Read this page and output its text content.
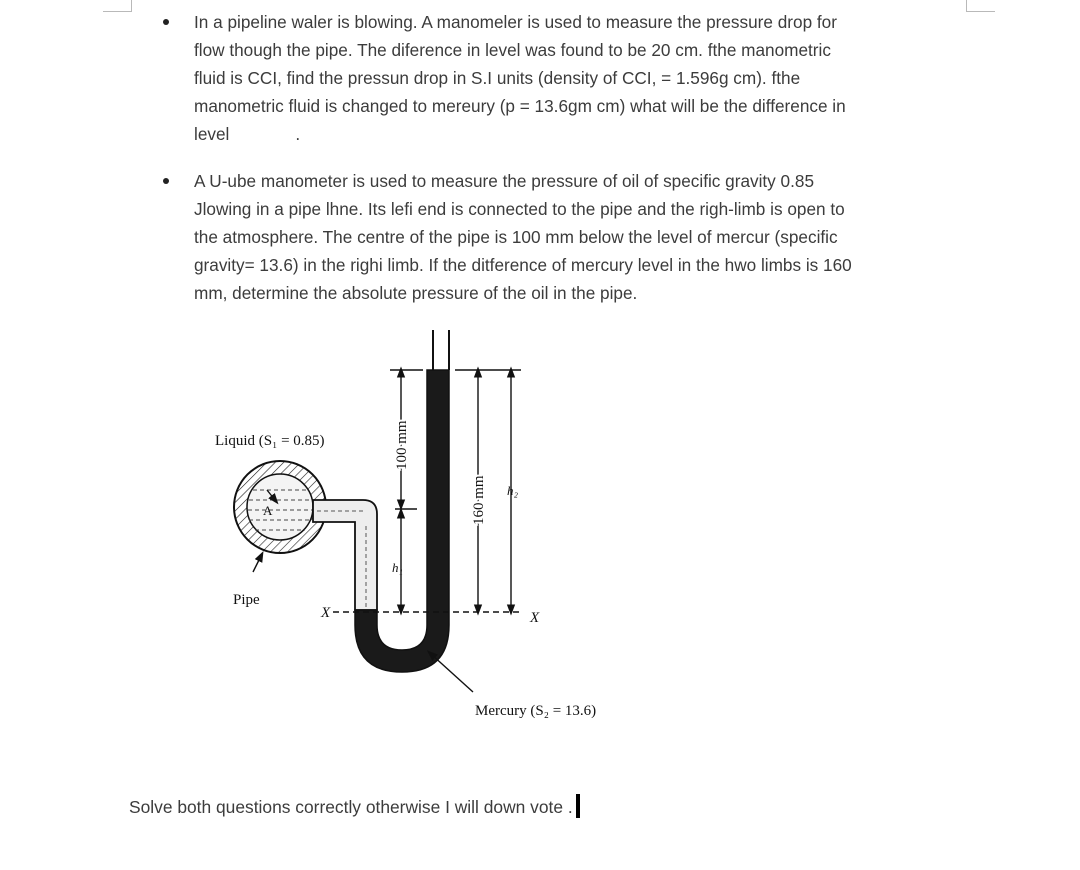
In a pipeline waler is blowing. A manomeler is used to measure the pressure drop for
flow though the pipe. The diference in level was found to be 20 cm. fthe manometric
fluid is CCI, find the pressun drop in S.I units (density of CCI, = 1.596g cm). fthe
manometric fluid is changed to mereury (p = 13.6gm cm) what will be the difference in
level	.
A U-ube manometer is used to measure the pressure of oil of specific gravity 0.85
Jlowing in a pipe lhne. Its lefi end is connected to the pipe and the righ-limb is open to
the atmosphere. The centre of the pipe is 100 mm below the level of mercur (specific
gravity= 13.6) in the righi limb. If the ditference of mercury level in the hwo limbs is 160
mm, determine the absolute pressure of the oil in the pipe.
Liquid (S₁ = 0.85)
A
Pipe
100 mm
160 mm
h₁
h₂
X	X
Mercury (S₂ = 13.6)
Solve both questions correctly otherwise I will down vote .
